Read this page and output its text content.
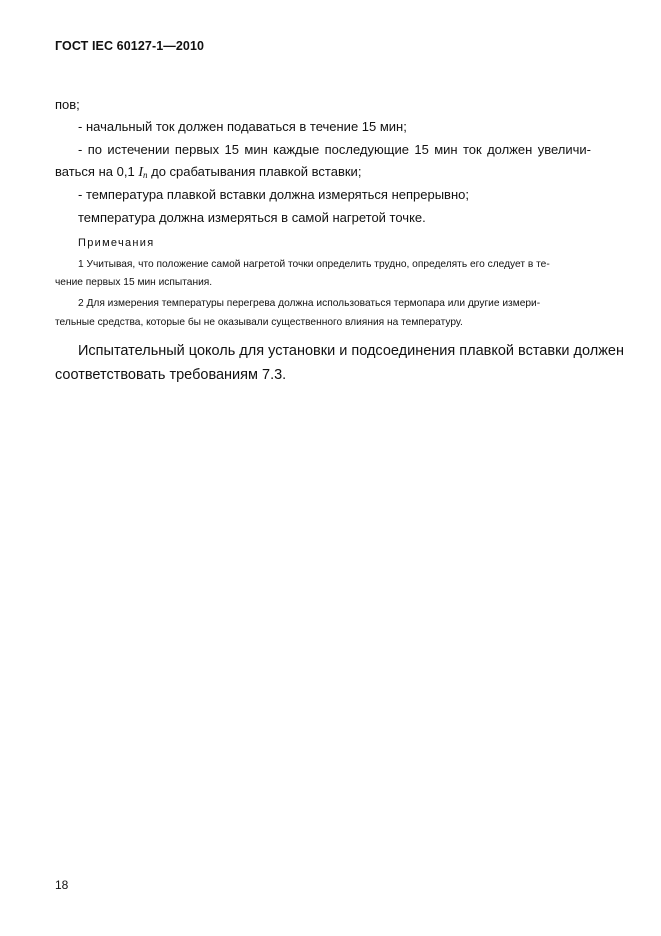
ГОСТ IEC 60127-1—2010
пов;
- начальный ток должен подаваться в течение 15 мин;
- по истечении первых 15 мин каждые последующие 15 мин ток должен увеличи-
ваться на 0,1 $I_n$ до срабатывания плавкой вставки;
- температура плавкой вставки должна измеряться непрерывно;
температура должна измеряться в самой нагретой точке.
Примечания
1 Учитывая, что положение самой нагретой точки определить трудно, определять его следует в те-
чение первых 15 мин испытания.
2 Для измерения температуры перегрева должна использоваться термопара или другие измери-
тельные средства, которые бы не оказывали существенного влияния на температуру.
Испытательный цоколь для установки и подсоединения плавкой вставки должен
соответствовать требованиям 7.3.
18
